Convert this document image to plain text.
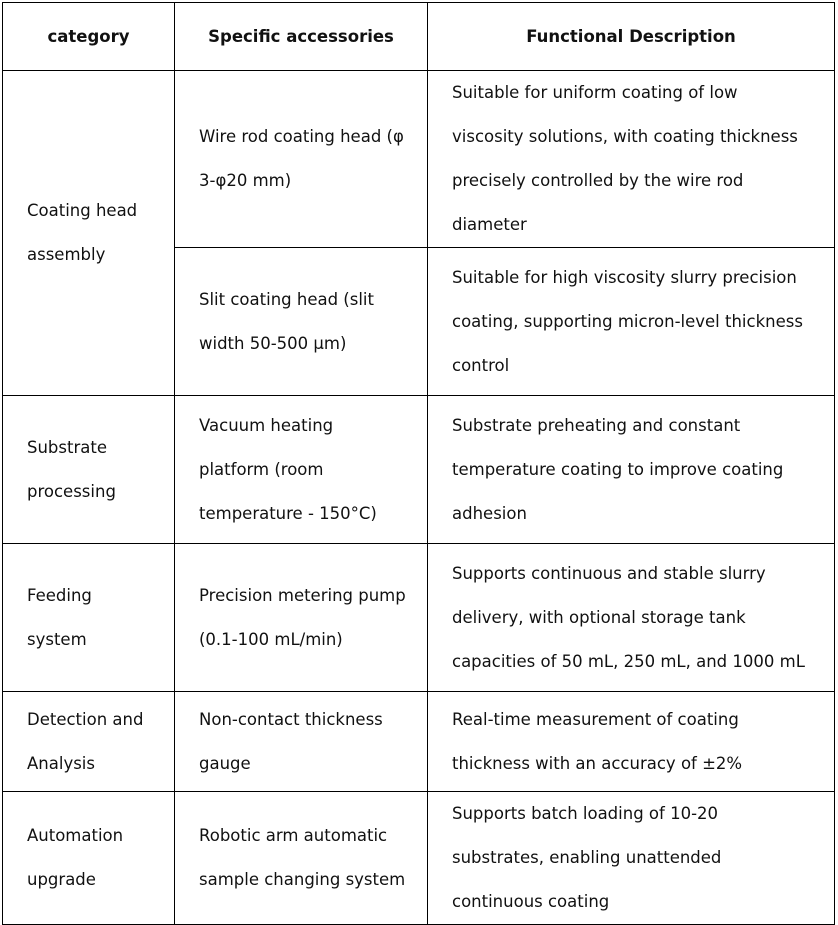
category	Specific accessories	Functional Description

Coating head assembly	Wire rod coating head (φ 3-φ20 mm)	Suitable for uniform coating of low viscosity solutions, with coating thickness precisely controlled by the wire rod diameter

	Slit coating head (slit width 50-500 μm)	Suitable for high viscosity slurry precision coating, supporting micron-level thickness control

Substrate processing	Vacuum heating platform (room temperature - 150°C)	Substrate preheating and constant temperature coating to improve coating adhesion

Feeding system	Precision metering pump (0.1-100 mL/min)	Supports continuous and stable slurry delivery, with optional storage tank capacities of 50 mL, 250 mL, and 1000 mL

Detection and Analysis	Non-contact thickness gauge	Real-time measurement of coating thickness with an accuracy of ±2%

Automation upgrade	Robotic arm automatic sample changing system	Supports batch loading of 10-20 substrates, enabling unattended continuous coating
